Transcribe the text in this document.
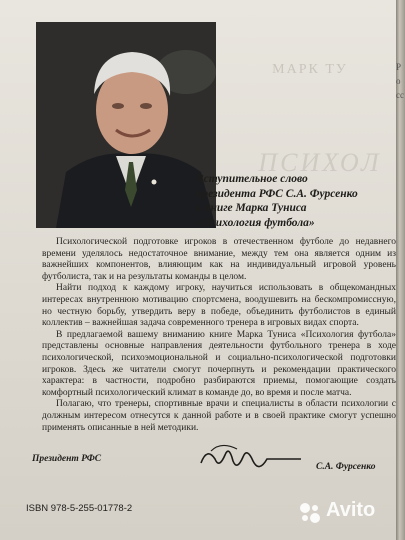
МАРК ТУ
ПСИХОЛ
Вступительное слово
президента РФС С.А. Фурсенко
к книге Марка Туниса
«Психология футбола»

Психологической подготовке игроков в отечественном футболе до недавнего времени уделялось недостаточное внимание, между тем она является одним из важнейших компонентов, влияющим как на индивидуальный игровой уровень футболиста, так и на результаты команды в целом.

Найти подход к каждому игроку, научиться использовать в общекомандных интересах внутреннюю мотивацию спортсмена, воодушевить на бескомпромиссную, но честную борьбу, утвердить веру в победе, объединить футболистов в единый коллектив – важнейшая задача современного тренера в игровых видах спорта.

В предлагаемой вашему вниманию книге Марка Туниса «Психология футбола» представлены основные направления деятельности футбольного тренера в ходе психологической, психоэмоциональной и социально-психологической подготовки игроков. Здесь же читатели смогут почерпнуть и рекомендации практического характера: в частности, подробно разбираются приемы, помогающие создать комфортный психологический климат в команде до, во время и после матча.

Полагаю, что тренеры, спортивные врачи и специалисты в области психологии с должным интересом отнесутся к данной работе и в своей практике смогут успешно применять описанные в ней методики.

Президент РФС
С.А. Фурсенко
ISBN 978-5-255-01778-2	Avito
Росс
